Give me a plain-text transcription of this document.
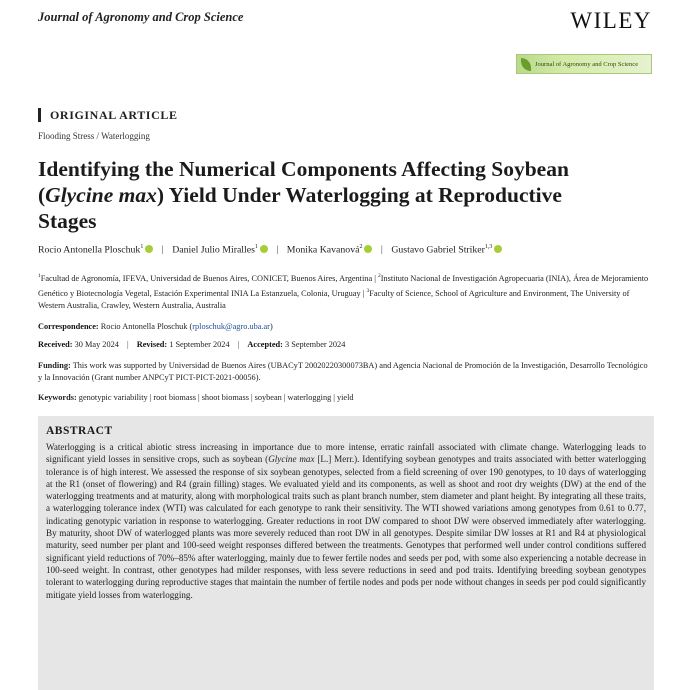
Journal of Agronomy and Crop Science	WILEY
Journal of Agronomy and Crop Science
ORIGINAL ARTICLE
Flooding Stress / Waterlogging
Identifying the Numerical Components Affecting Soybean (Glycine max) Yield Under Waterlogging at Reproductive Stages
Rocio Antonella Ploschuk$^1$ | Daniel Julio Miralles$^1$ | Monika Kavanová$^2$ | Gustavo Gabriel Striker$^{1,3}$
$^1$Facultad de Agronomía, IFEVA, Universidad de Buenos Aires, CONICET, Buenos Aires, Argentina | $^2$Instituto Nacional de Investigación Agropecuaria (INIA), Área de Mejoramiento Genético y Biotecnología Vegetal, Estación Experimental INIA La Estanzuela, Colonia, Uruguay | $^3$Faculty of Science, School of Agriculture and Environment, The University of Western Australia, Crawley, Western Australia, Australia
Correspondence: Rocio Antonella Ploschuk (rploschuk@agro.uba.ar)
Received: 30 May 2024 | Revised: 1 September 2024 | Accepted: 3 September 2024
Funding: This work was supported by Universidad de Buenos Aires (UBACyT 20020220300073BA) and Agencia Nacional de Promoción de la Investigación, Desarrollo Tecnológico y la Innovación (Grant number ANPCyT PICT-PICT-2021-00056).
Keywords: genotypic variability | root biomass | shoot biomass | soybean | waterlogging | yield
ABSTRACT
Waterlogging is a critical abiotic stress increasing in importance due to more intense, erratic rainfall associated with climate change. Waterlogging leads to significant yield losses in sensitive crops, such as soybean (Glycine max [L.] Merr.). Identifying soybean genotypes and traits associated with better waterlogging tolerance is of high interest. We assessed the response of six soybean genotypes, selected from a field screening of over 190 genotypes, to 10 days of waterlogging at the R1 (onset of flowering) and R4 (grain filling) stages. We evaluated yield and its components, as well as shoot and root dry weights (DW) at the end of the waterlogging treatments and at maturity, along with morphological traits such as plant branch number, stem diameter and plant height. By integrating all these traits, a waterlogging tolerance index (WTI) was calculated for each genotype to rank their sensitivity. The WTI showed variations among genotypes from 0.61 to 0.77, indicating genotypic variation in response to waterlogging. Greater reductions in root DW compared to shoot DW were observed immediately after waterlogging. By maturity, shoot DW of waterlogged plants was more severely reduced than root DW in all genotypes. Despite similar DW losses at R1 and R4 at physiological maturity, seed number per plant and 100-seed weight responses differed between the treatments. Genotypes that performed well under control conditions suffered significant yield reductions of 70%–85% after waterlogging, mainly due to fewer fertile nodes and seeds per pod, with some also experiencing a notable decrease in 100-seed weight. In contrast, other genotypes had milder responses, with less severe reductions in seed and pod traits. Identifying breeding soybean genotypes tolerant to waterlogging during reproductive stages that maintain the number of fertile nodes and pods per node without changes in seeds per pod could significantly mitigate yield losses from waterlogging.
